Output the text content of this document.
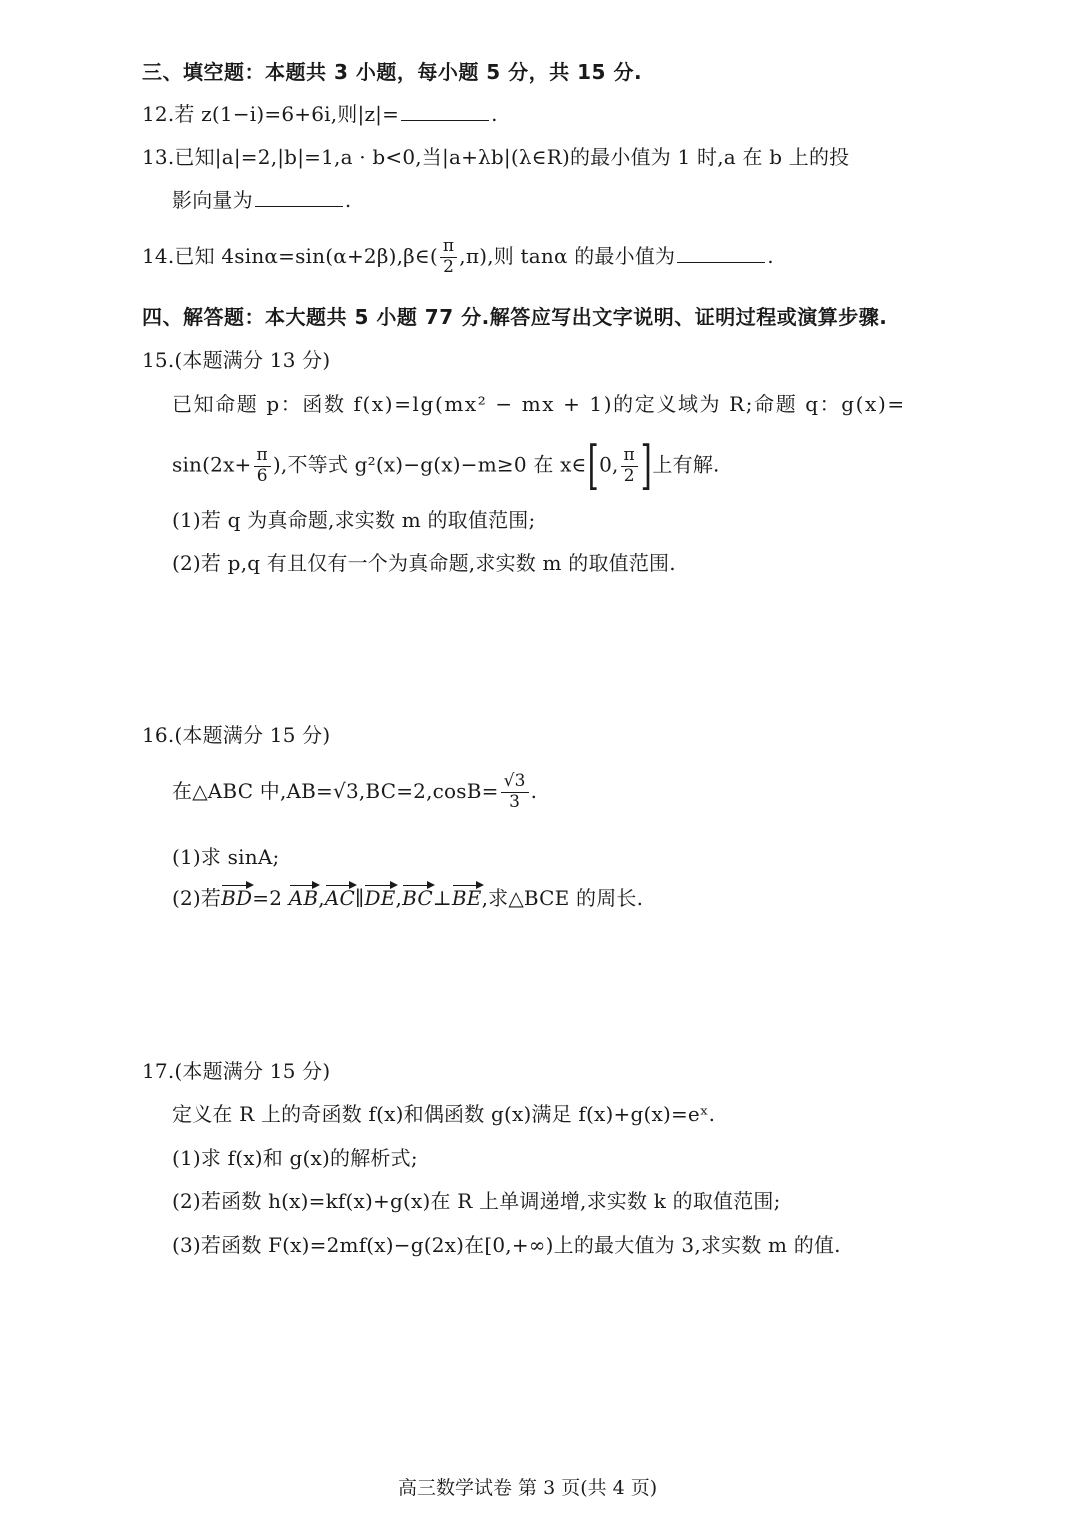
三、填空题：本题共 3 小题，每小题 5 分，共 15 分.
12.若 z(1−i)=6+6i,则|z|=	.
13.已知|a|=2,|b|=1,a · b<0,当|a+λb|(λ∈R)的最小值为 1 时,a 在 b 上的投
影向量为	.
14.已知 4sinα=sin(α+2β),β∈( $\frac{\pi}{2} ,\pi$),则 tanα 的最小值为	.
四、解答题：本大题共 5 小题 77 分.解答应写出文字说明、证明过程或演算步骤.
15.(本题满分 13 分)
已知命题 p：函数 f(x)=lg(mx² − mx + 1)的定义域为 R;命题 q：g(x)=
$\sin(2x+ \frac{\pi}{6}$ ),不等式 g²(x)−g(x)−m≥0 在 x∈[0, $\frac{\pi}{2}$ ]上有解.
(1)若 q 为真命题,求实数 m 的取值范围;
(2)若 p,q 有且仅有一个为真命题,求实数 m 的取值范围.
16.(本题满分 15 分)
在△ABC 中$,AB=√3,BC=2,\cos B= \frac{√3}{3}$ .
(1)求 sinA;
(2)若BD=2 AB,AC∥DE,BC⊥BE,求△BCE 的周长.
17.(本题满分 15 分)
定义在 R 上的奇函数 f(x)和偶函数 g(x)满足 f(x)+g(x)=eˣ.
(1)求 f(x)和 g(x)的解析式;
(2)若函数 h(x)=kf(x)+g(x)在 R 上单调递增,求实数 k 的取值范围;
(3)若函数 F(x)=2mf(x)−g(2x)在[0,+∞)上的最大值为 3,求实数 m 的值.
高三数学试卷 第 3 页(共 4 页)
